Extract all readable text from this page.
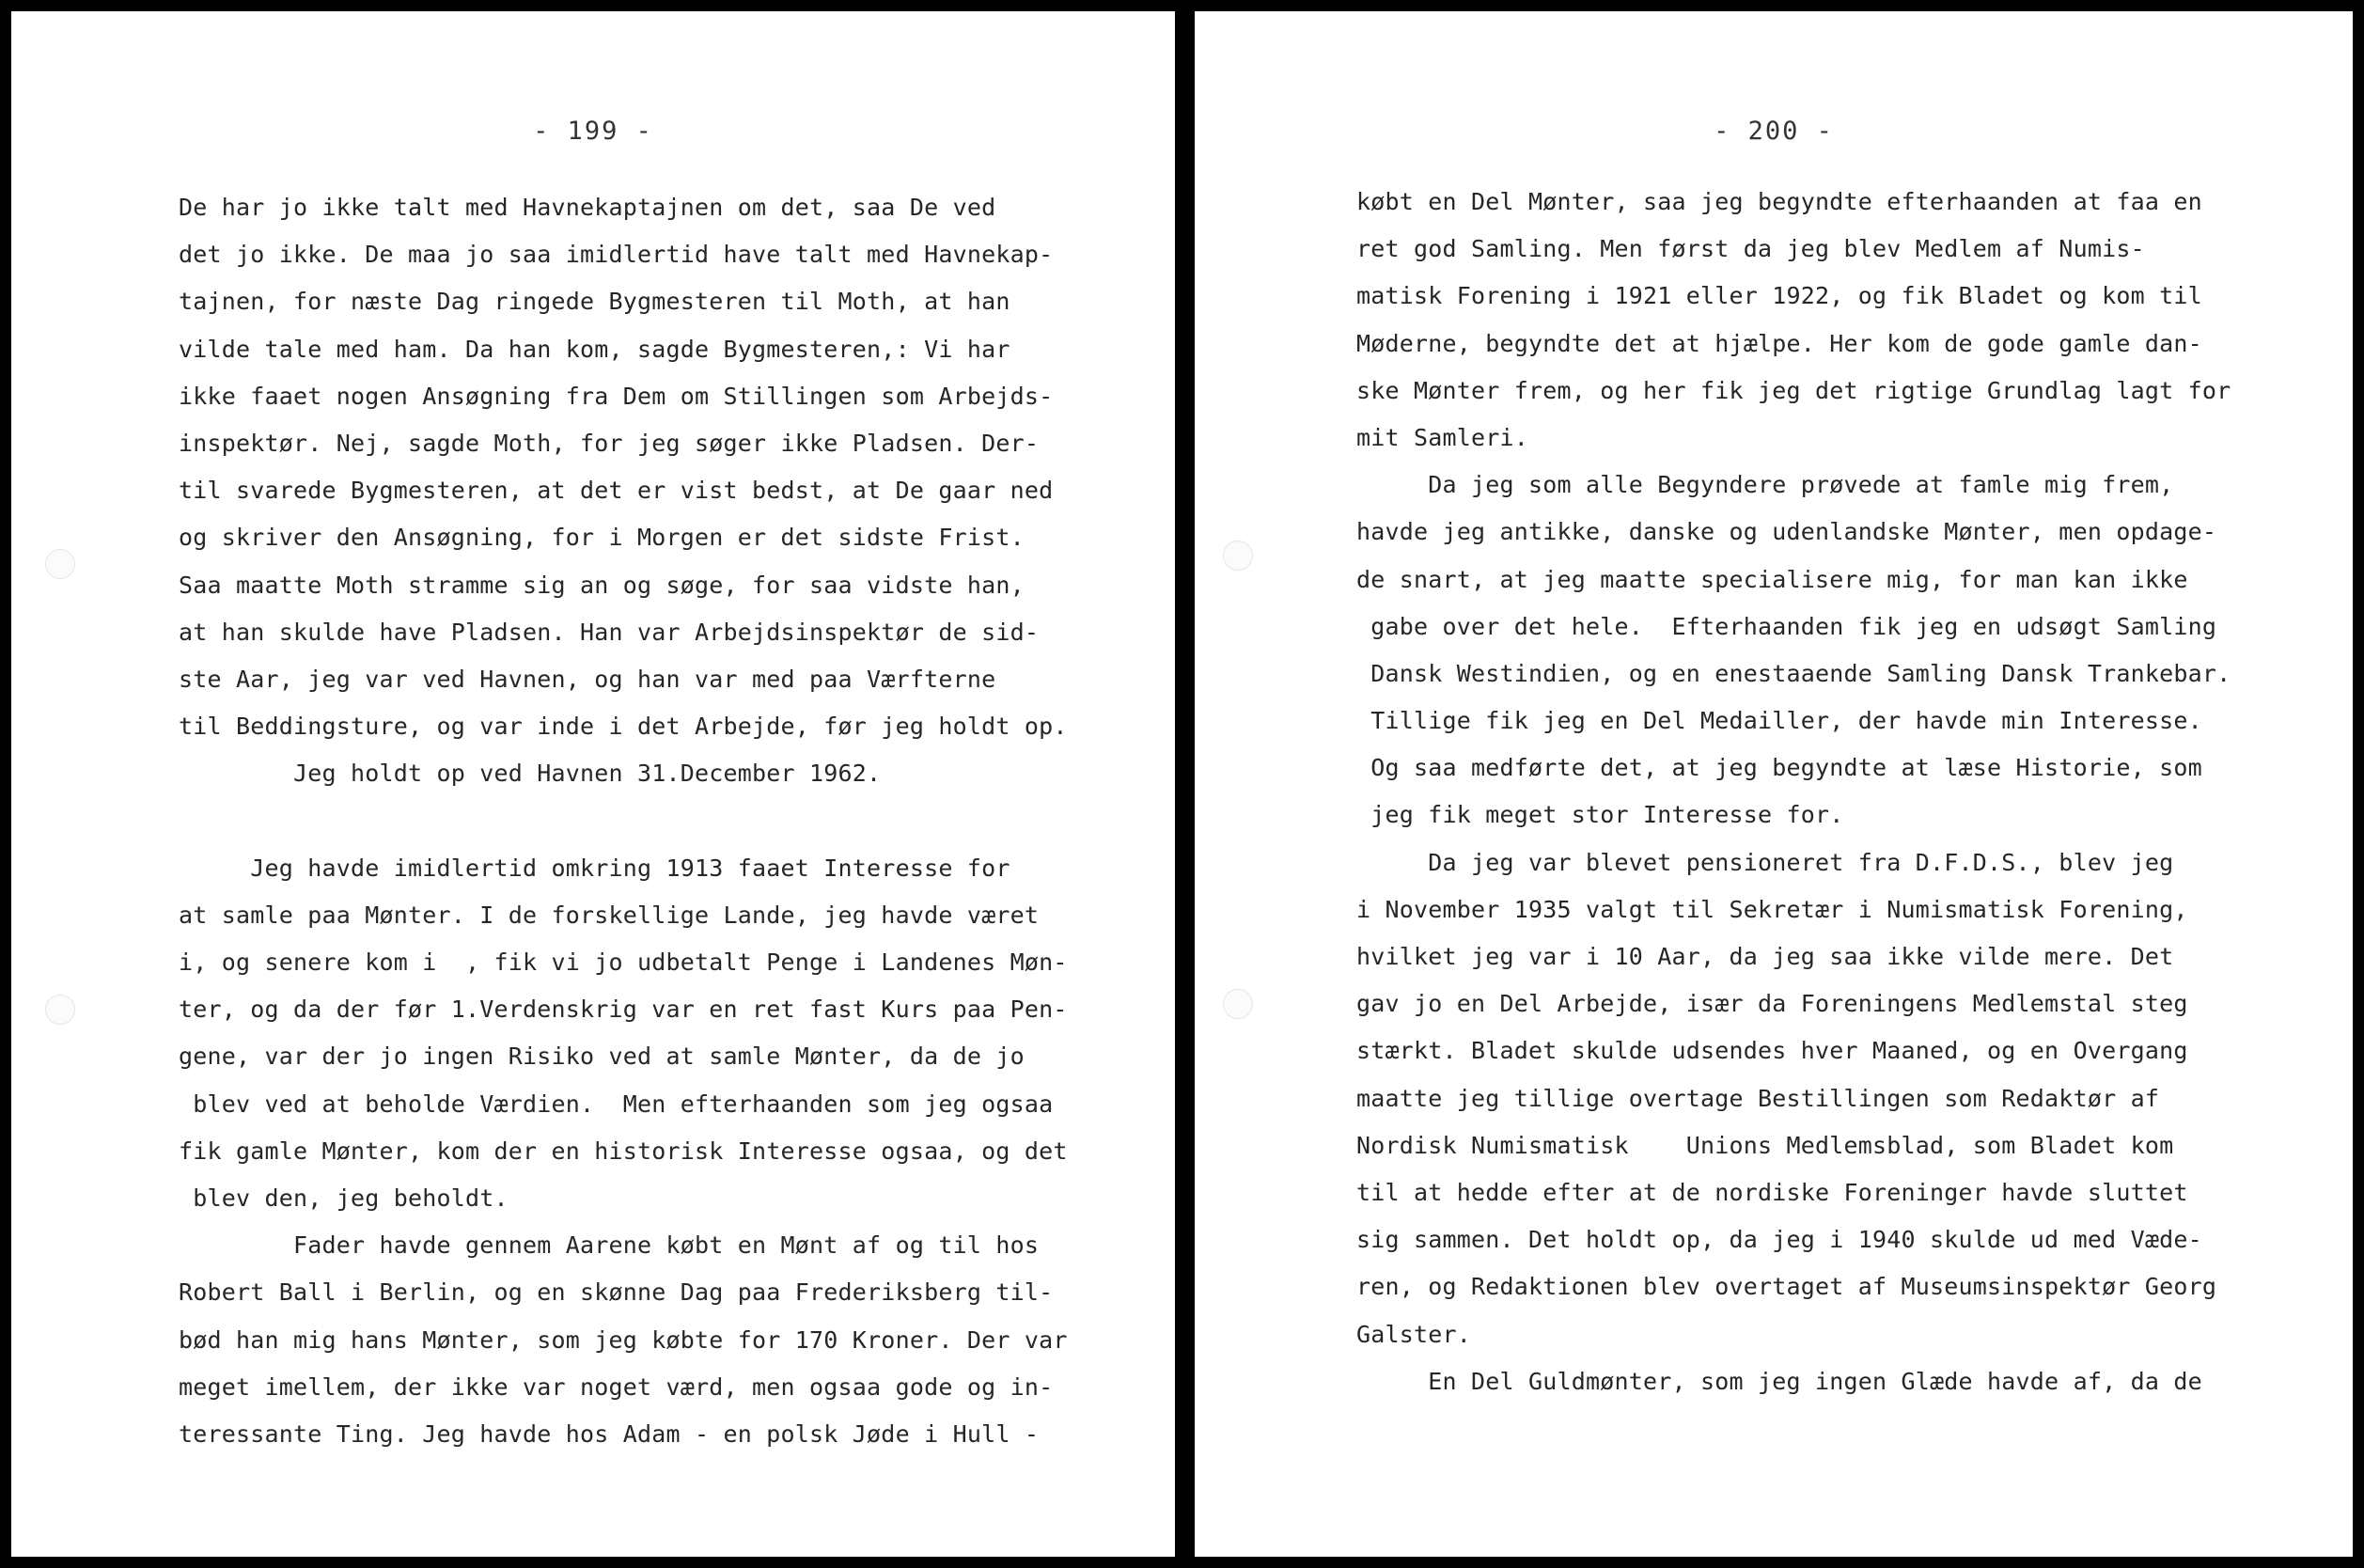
- 199 -
De har jo ikke talt med Havnekaptajnen om det, saa De ved
det jo ikke. De maa jo saa imidlertid have talt med Havnekap-
tajnen, for næste Dag ringede Bygmesteren til Moth, at han
vilde tale med ham. Da han kom, sagde Bygmesteren,: Vi har
ikke faaet nogen Ansøgning fra Dem om Stillingen som Arbejds-
inspektør. Nej, sagde Moth, for jeg søger ikke Pladsen. Der-
til svarede Bygmesteren, at det er vist bedst, at De gaar ned
og skriver den Ansøgning, for i Morgen er det sidste Frist.
Saa maatte Moth stramme sig an og søge, for saa vidste han,
at han skulde have Pladsen. Han var Arbejdsinspektør de sid-
ste Aar, jeg var ved Havnen, og han var med paa Værfterne
til Beddingsture, og var inde i det Arbejde, før jeg holdt op.
Jeg holdt op ved Havnen 31.December 1962.
Jeg havde imidlertid omkring 1913 faaet Interesse for
at samle paa Mønter. I de forskellige Lande, jeg havde været
i, og senere kom i  , fik vi jo udbetalt Penge i Landenes Møn-
ter, og da der før 1.Verdenskrig var en ret fast Kurs paa Pen-
gene, var der jo ingen Risiko ved at samle Mønter, da de jo
blev ved at beholde Værdien.  Men efterhaanden som jeg ogsaa
fik gamle Mønter, kom der en historisk Interesse ogsaa, og det
blev den, jeg beholdt.
Fader havde gennem Aarene købt en Mønt af og til hos
Robert Ball i Berlin, og en skønne Dag paa Frederiksberg til-
bød han mig hans Mønter, som jeg købte for 170 Kroner. Der var
meget imellem, der ikke var noget værd, men ogsaa gode og in-
teressante Ting. Jeg havde hos Adam - en polsk Jøde i Hull -
- 200 -
købt en Del Mønter, saa jeg begyndte efterhaanden at faa en
ret god Samling. Men først da jeg blev Medlem af Numis-
matisk Forening i 1921 eller 1922, og fik Bladet og kom til
Møderne, begyndte det at hjælpe. Her kom de gode gamle dan-
ske Mønter frem, og her fik jeg det rigtige Grundlag lagt for
mit Samleri.
Da jeg som alle Begyndere prøvede at famle mig frem,
havde jeg antikke, danske og udenlandske Mønter, men opdage-
de snart, at jeg maatte specialisere mig, for man kan ikke
gabe over det hele.  Efterhaanden fik jeg en udsøgt Samling
Dansk Westindien, og en enestaaende Samling Dansk Trankebar.
Tillige fik jeg en Del Medailler, der havde min Interesse.
Og saa medførte det, at jeg begyndte at læse Historie, som
jeg fik meget stor Interesse for.
Da jeg var blevet pensioneret fra D.F.D.S., blev jeg
i November 1935 valgt til Sekretær i Numismatisk Forening,
hvilket jeg var i 10 Aar, da jeg saa ikke vilde mere. Det
gav jo en Del Arbejde, især da Foreningens Medlemstal steg
stærkt. Bladet skulde udsendes hver Maaned, og en Overgang
maatte jeg tillige overtage Bestillingen som Redaktør af
Nordisk Numismatisk    Unions Medlemsblad, som Bladet kom
til at hedde efter at de nordiske Foreninger havde sluttet
sig sammen. Det holdt op, da jeg i 1940 skulde ud med Væde-
ren, og Redaktionen blev overtaget af Museumsinspektør Georg
Galster.
En Del Guldmønter, som jeg ingen Glæde havde af, da de
